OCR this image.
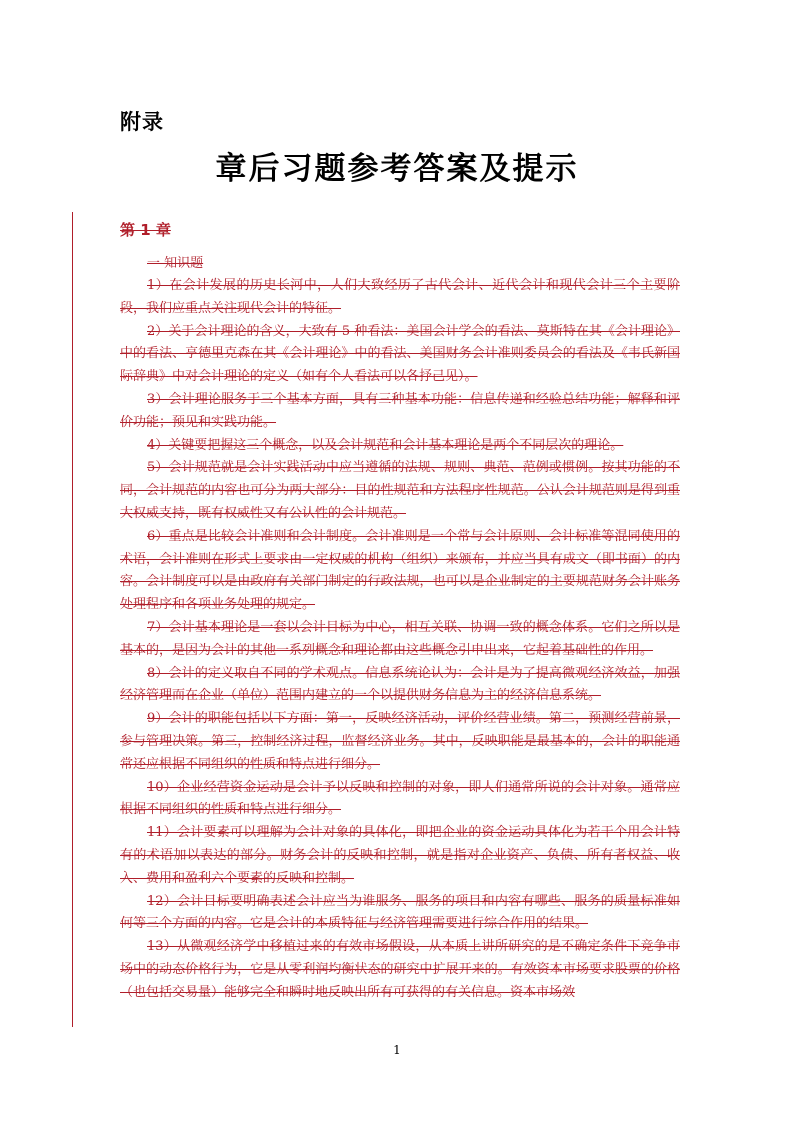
附录
章后习题参考答案及提示
第 1 章
一 知识题

1）在会计发展的历史长河中，人们大致经历了古代会计、近代会计和现代会计三个主要阶段，我们应重点关注现代会计的特征。

2）关于会计理论的含义，大致有 5 种看法：美国会计学会的看法、莫斯特在其《会计理论》中的看法、亨德里克森在其《会计理论》中的看法、美国财务会计准则委员会的看法及《韦氏新国际辞典》中对会计理论的定义（如有个人看法可以各抒己见）。

3）会计理论服务于三个基本方面，具有三种基本功能：信息传递和经验总结功能；解释和评价功能；预见和实践功能。

4）关键要把握这三个概念，以及会计规范和会计基本理论是两个不同层次的理论。

5）会计规范就是会计实践活动中应当遵循的法规、规则、典范、范例或惯例。按其功能的不同，会计规范的内容也可分为两大部分：目的性规范和方法程序性规范。公认会计规范则是得到重大权威支持，既有权威性又有公认性的会计规范。

6）重点是比较会计准则和会计制度。会计准则是一个常与会计原则、会计标准等混同使用的术语，会计准则在形式上要求由一定权威的机构（组织）来颁布，并应当具有成文（即书面）的内容。会计制度可以是由政府有关部门制定的行政法规，也可以是企业制定的主要规范财务会计账务处理程序和各项业务处理的规定。

7）会计基本理论是一套以会计目标为中心，相互关联、协调一致的概念体系。它们之所以是基本的，是因为会计的其他一系列概念和理论都由这些概念引申出来，它起着基础性的作用。

8）会计的定义取自不同的学术观点。信息系统论认为：会计是为了提高微观经济效益，加强经济管理而在企业（单位）范围内建立的一个以提供财务信息为主的经济信息系统。

9）会计的职能包括以下方面：第一，反映经济活动，评价经营业绩。第二，预测经营前景，参与管理决策。第三，控制经济过程，监督经济业务。其中，反映职能是最基本的，会计的职能通常还应根据不同组织的性质和特点进行细分。

10）企业经营资金运动是会计予以反映和控制的对象，即人们通常所说的会计对象。通常应根据不同组织的性质和特点进行细分。

11）会计要素可以理解为会计对象的具体化，即把企业的资金运动具体化为若干个用会计特有的术语加以表达的部分。财务会计的反映和控制，就是指对企业资产、负债、所有者权益、收入、费用和盈利六个要素的反映和控制。

12）会计目标要明确表述会计应当为谁服务、服务的项目和内容有哪些、服务的质量标准如何等三个方面的内容。它是会计的本质特征与经济管理需要进行综合作用的结果。

13）从微观经济学中移植过来的有效市场假设，从本质上讲所研究的是不确定条件下竞争市场中的动态价格行为，它是从零利润均衡状态的研究中扩展开来的。有效资本市场要求股票的价格（也包括交易量）能够完全和瞬时地反映出所有可获得的有关信息。资本市场效

1
